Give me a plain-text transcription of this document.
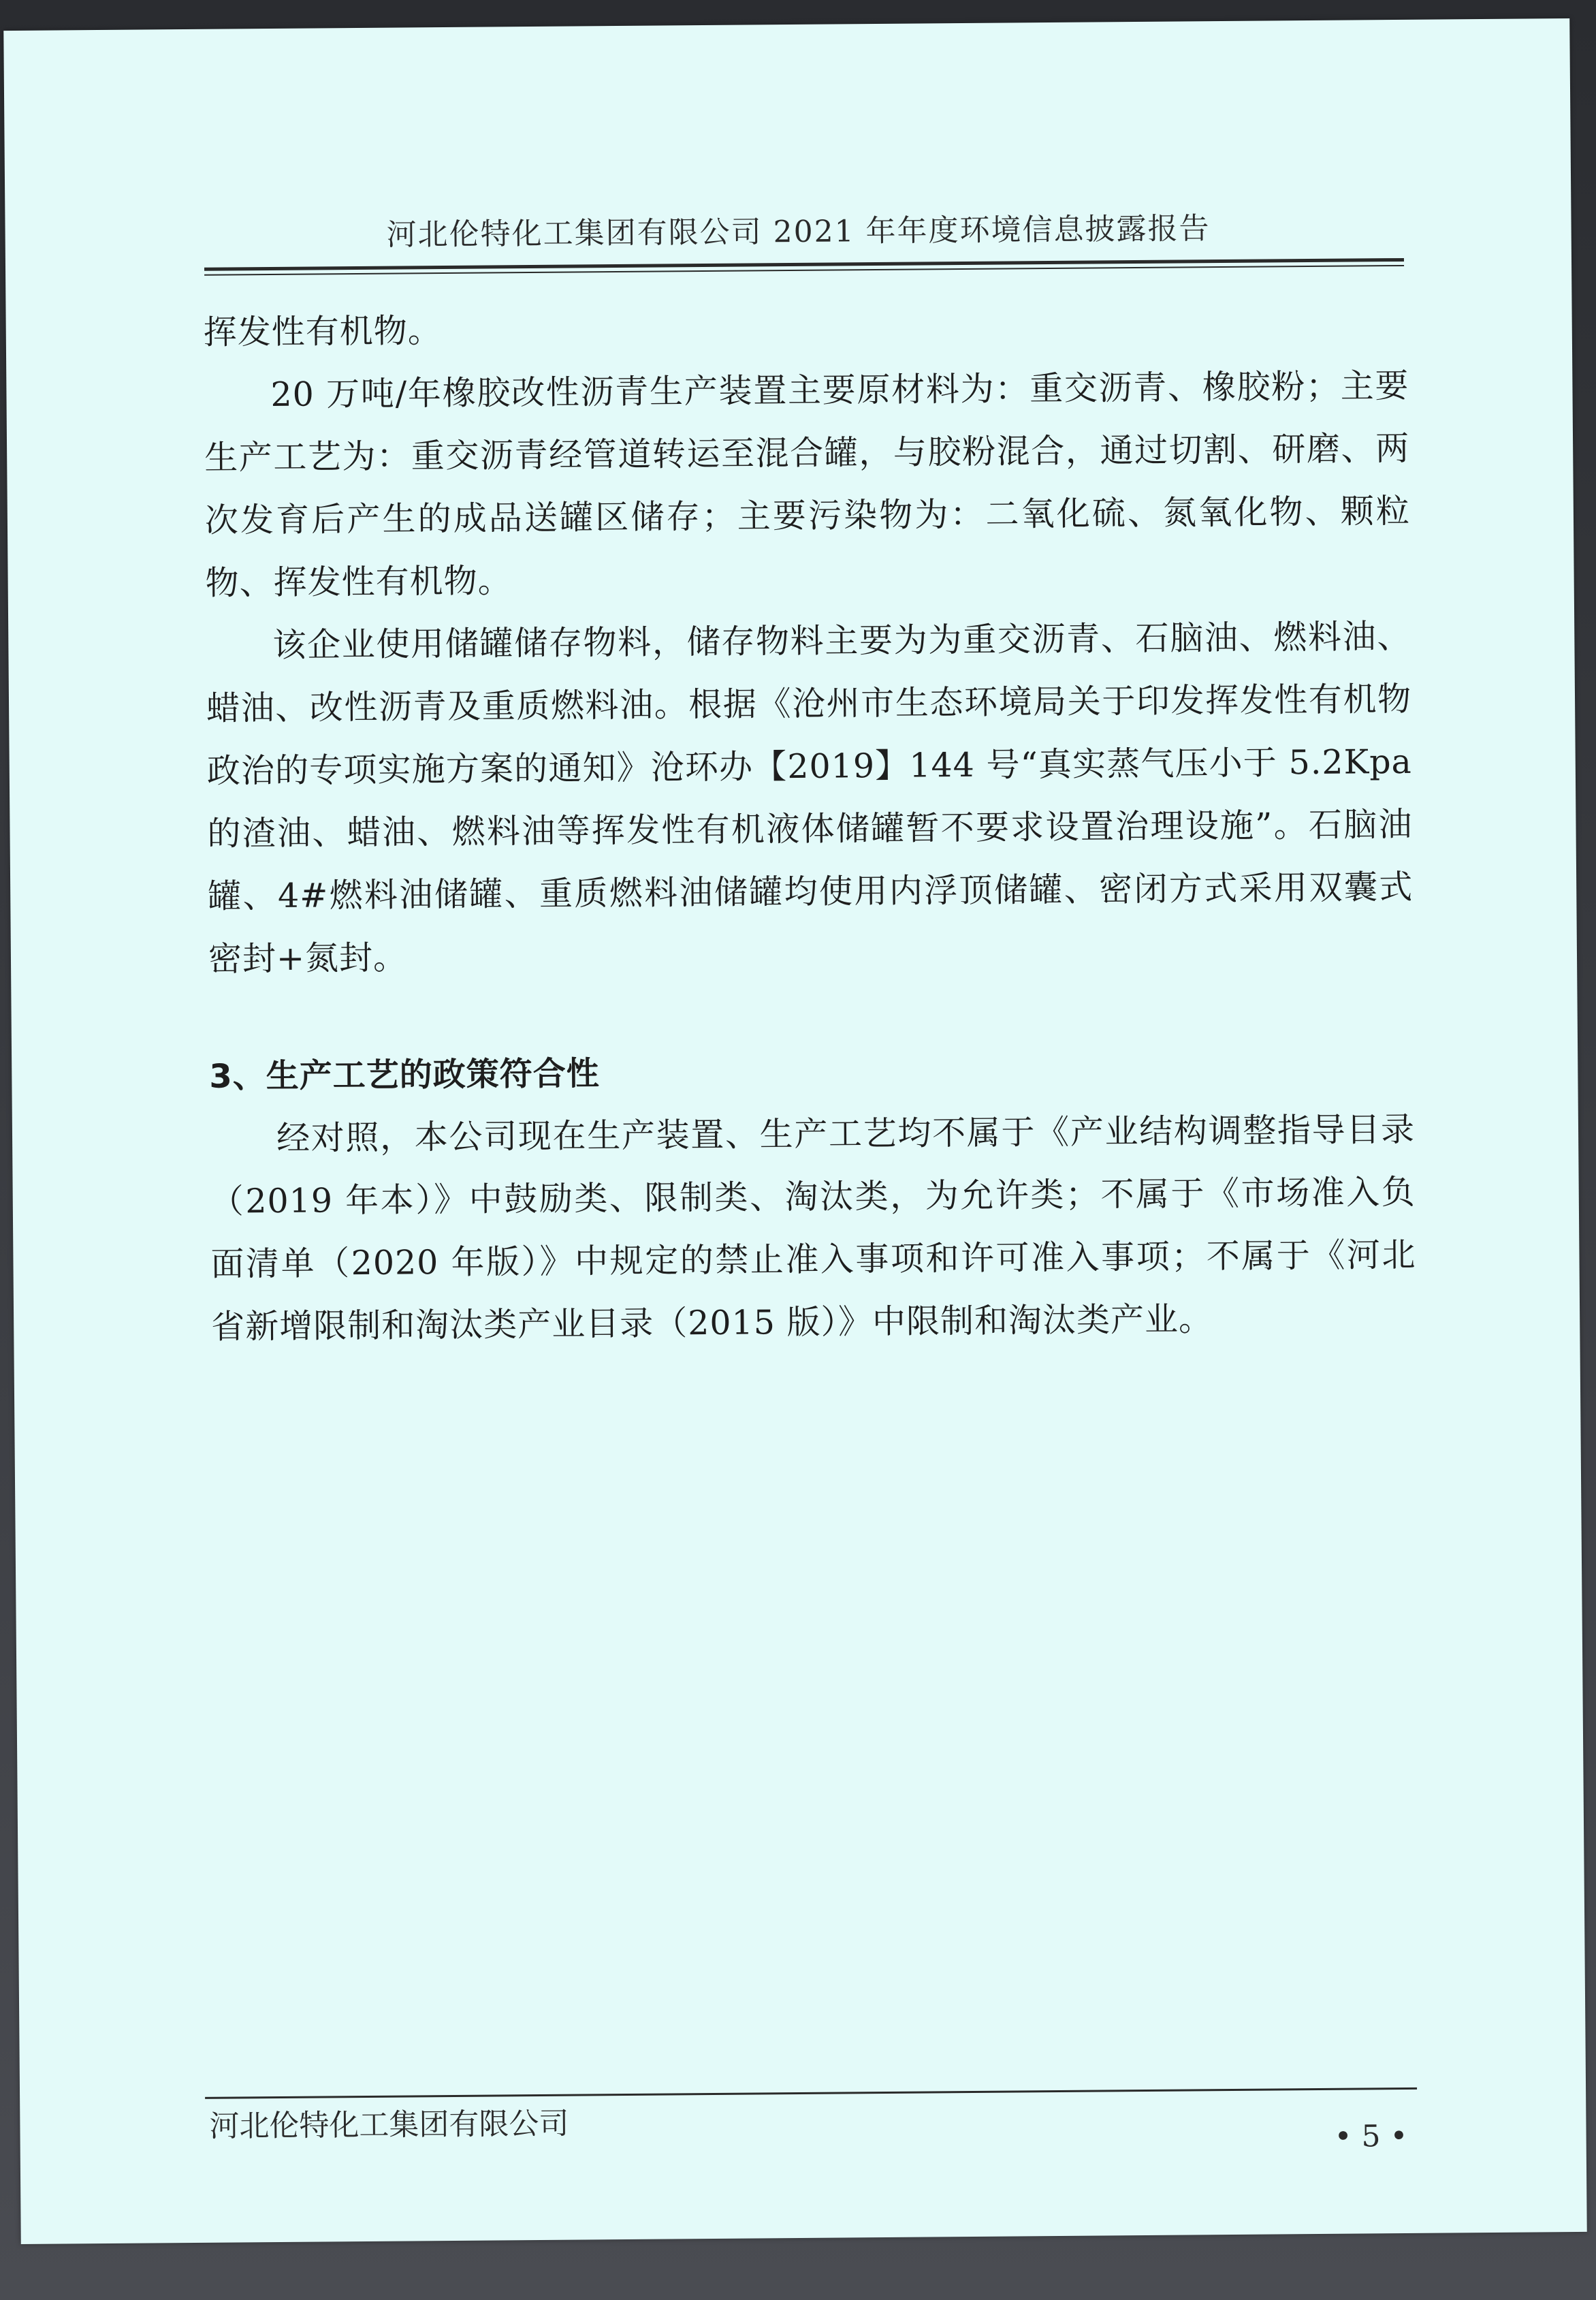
河北伦特化工集团有限公司 2021 年年度环境信息披露报告

挥发性有机物。

20 万吨/年橡胶改性沥青生产装置主要原材料为：重交沥青、橡胶粉；主要生产工艺为：重交沥青经管道转运至混合罐，与胶粉混合，通过切割、研磨、两次发育后产生的成品送罐区储存；主要污染物为：二氧化硫、氮氧化物、颗粒物、挥发性有机物。

该企业使用储罐储存物料，储存物料主要为为重交沥青、石脑油、燃料油、蜡油、改性沥青及重质燃料油。根据《沧州市生态环境局关于印发挥发性有机物政治的专项实施方案的通知》沧环办【2019】144 号“真实蒸气压小于 5.2Kpa 的渣油、蜡油、燃料油等挥发性有机液体储罐暂不要求设置治理设施”。石脑油罐、4#燃料油储罐、重质燃料油储罐均使用内浮顶储罐、密闭方式采用双囊式密封+氮封。

3、生产工艺的政策符合性

经对照，本公司现在生产装置、生产工艺均不属于《产业结构调整指导目录（2019 年本）》中鼓励类、限制类、淘汰类，为允许类；不属于《市场准入负面清单（2020 年版）》中规定的禁止准入事项和许可准入事项；不属于《河北省新增限制和淘汰类产业目录（2015 版）》中限制和淘汰类产业。

河北伦特化工集团有限公司	• 5 •
